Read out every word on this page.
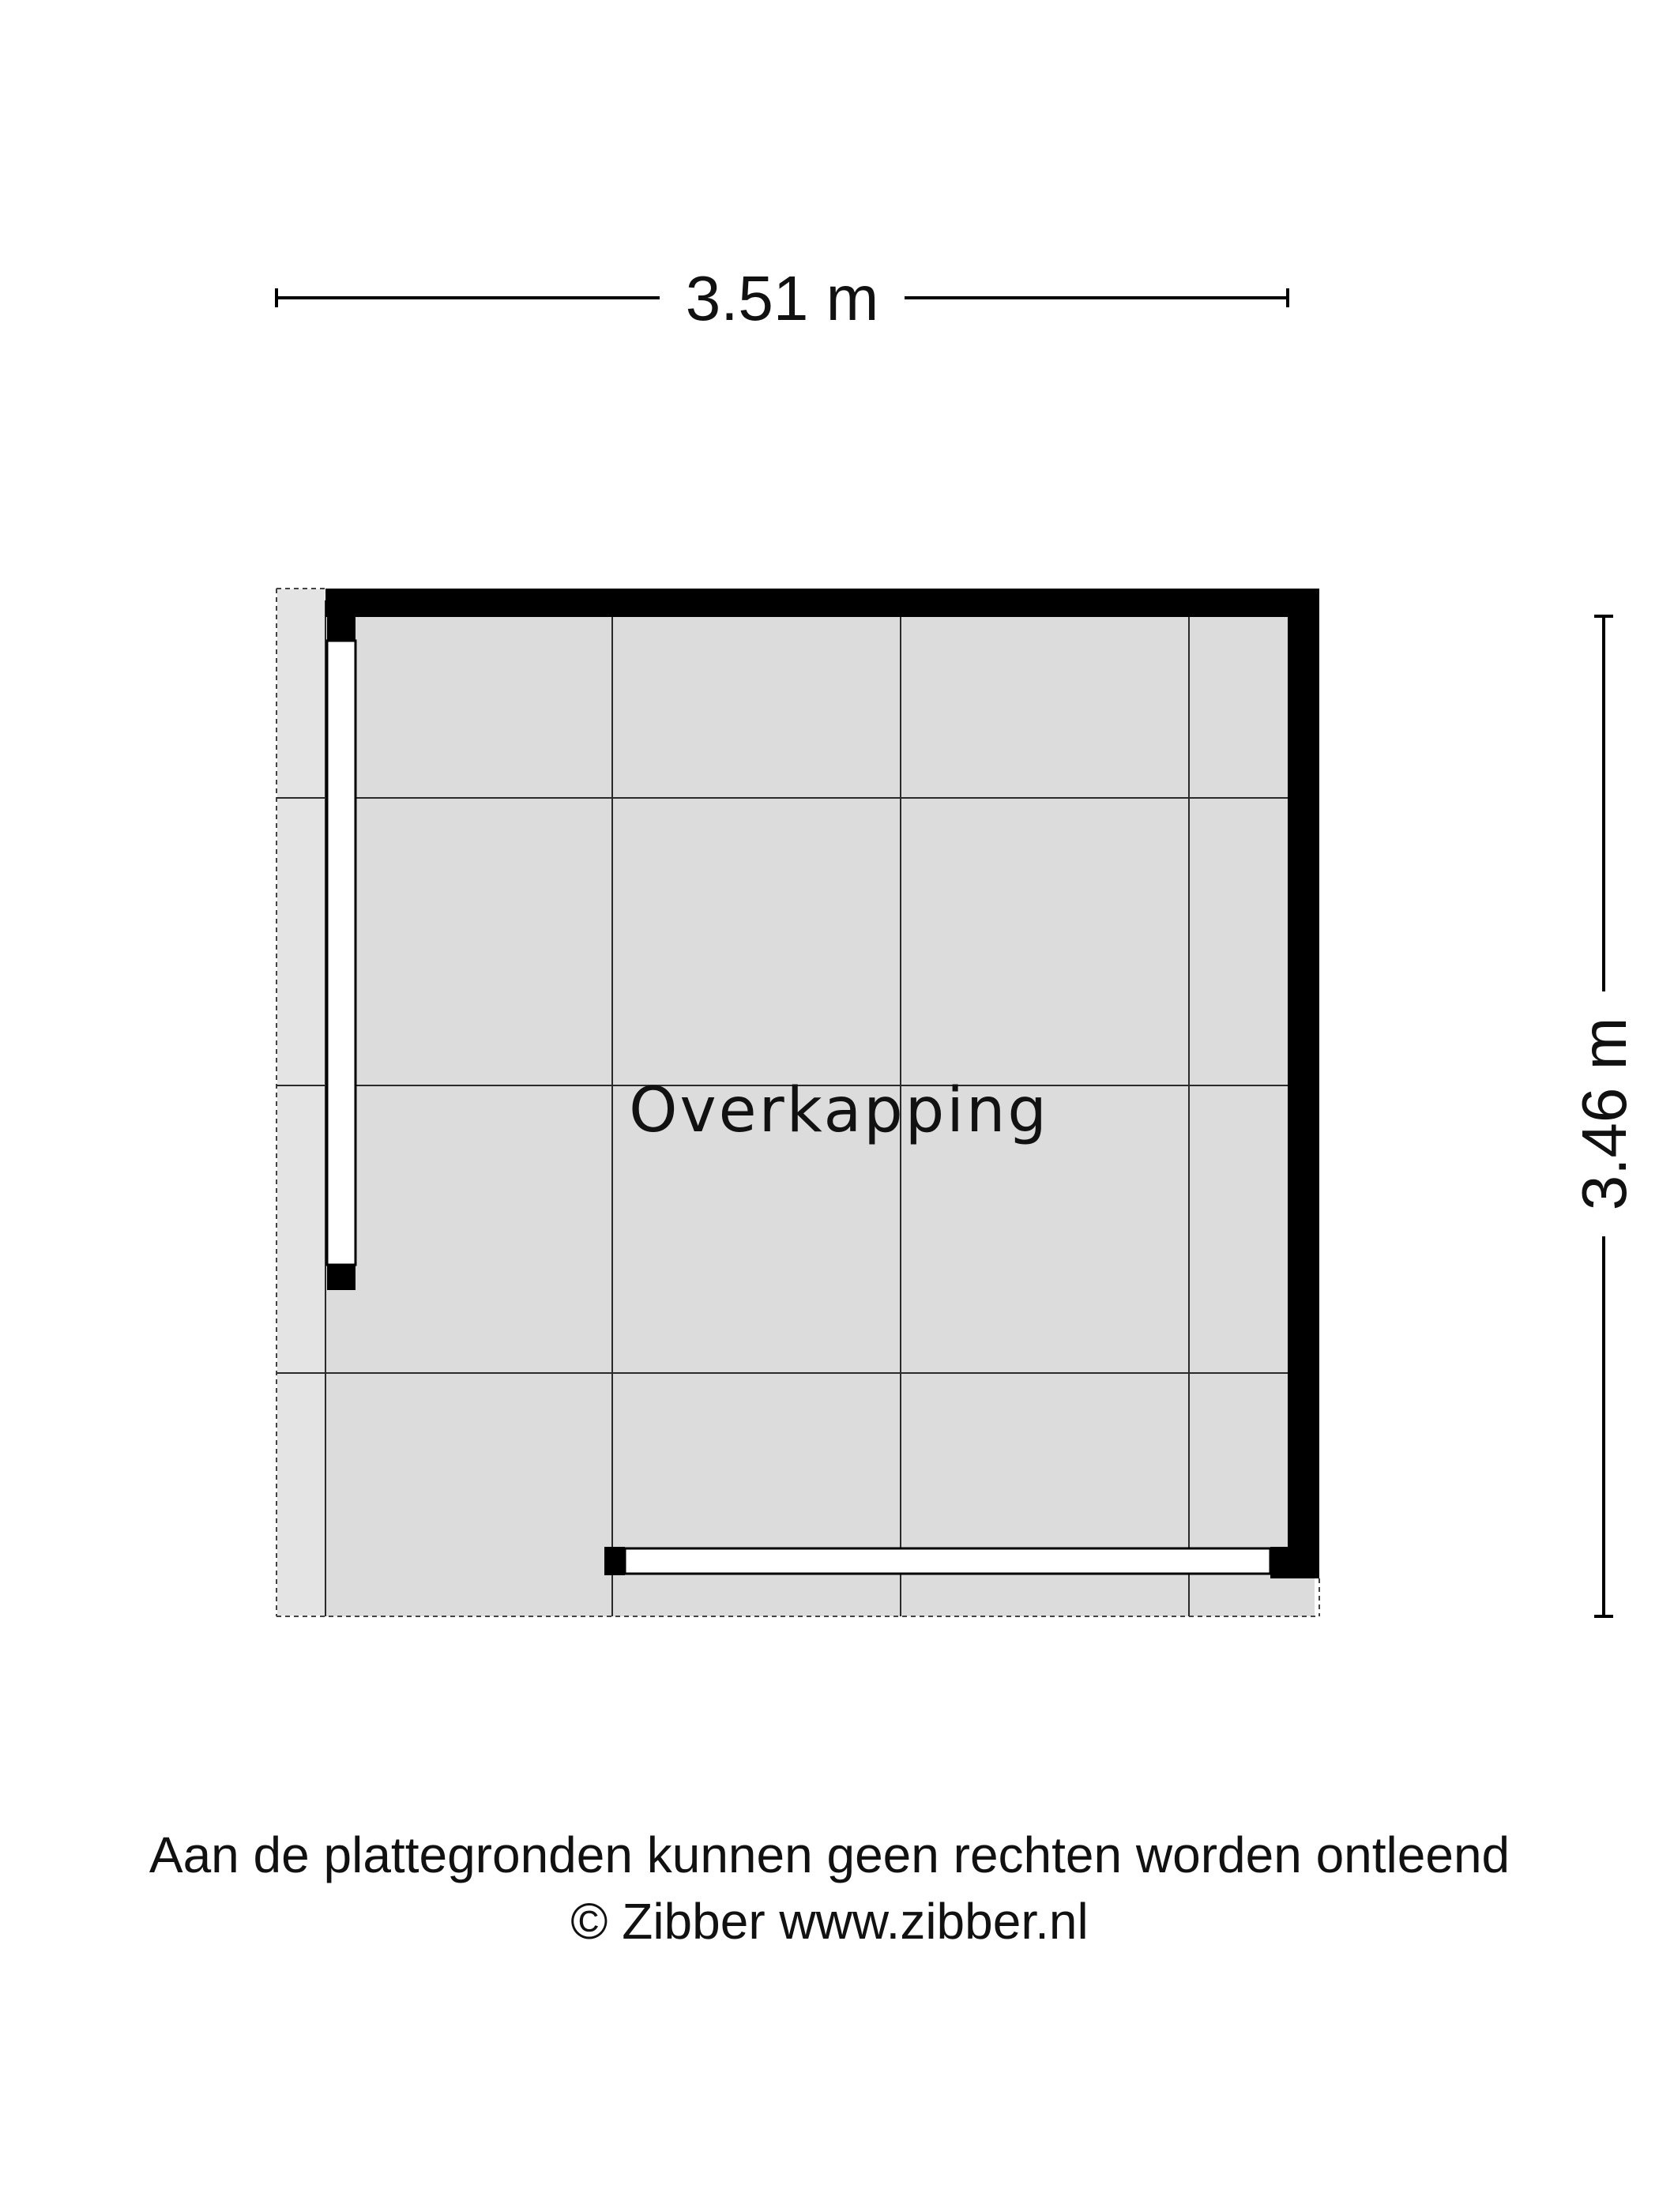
3.51 m
3.46 m
Overkapping
Aan de plattegronden kunnen geen rechten worden ontleend
© Zibber www.zibber.nl
